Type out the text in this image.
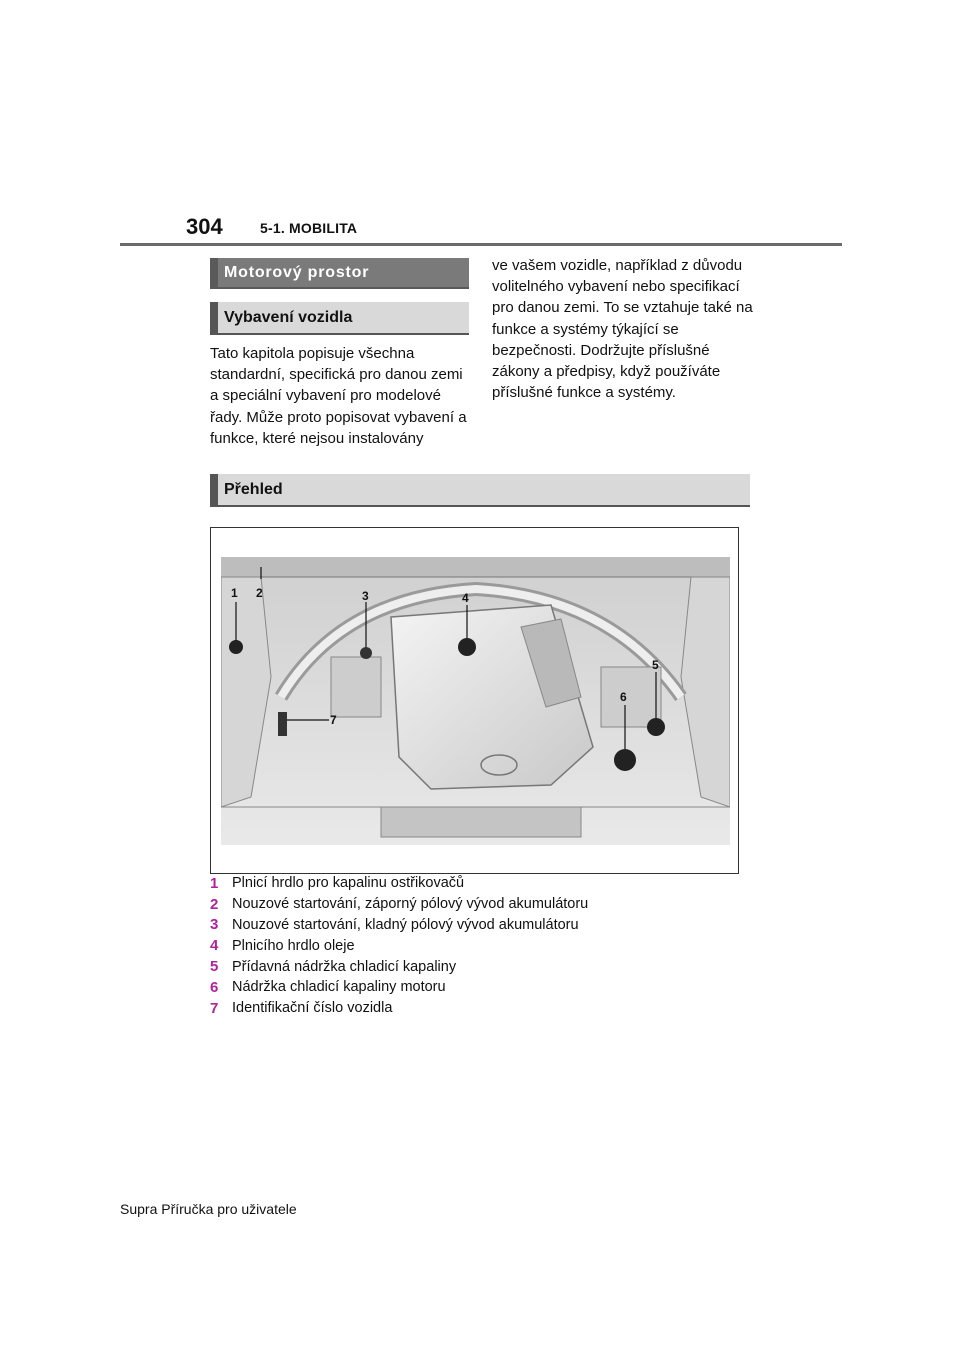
304	5-1. MOBILITA
Motorový prostor
Vybavení vozidla
Tato kapitola popisuje všechna standardní, specifická pro danou zemi a speciální vybavení pro modelové řady. Může proto popisovat vybavení a funkce, které nejsou instalovány
ve vašem vozidle, například z důvodu volitelného vybavení nebo specifikací pro danou zemi. To se vztahuje také na funkce a systémy týkající se bezpečnosti. Dodržujte příslušné zákony a předpisy, když používáte příslušné funkce a systémy.
Přehled
1 2	3	4
5
6
7
1 Plnicí hrdlo pro kapalinu ostřikovačů
2 Nouzové startování, záporný pólový vývod akumulátoru
3 Nouzové startování, kladný pólový vývod akumulátoru
4 Plnicího hrdlo oleje
5 Přídavná nádržka chladicí kapaliny
6 Nádržka chladicí kapaliny motoru
7 Identifikační číslo vozidla
Supra Příručka pro uživatele
